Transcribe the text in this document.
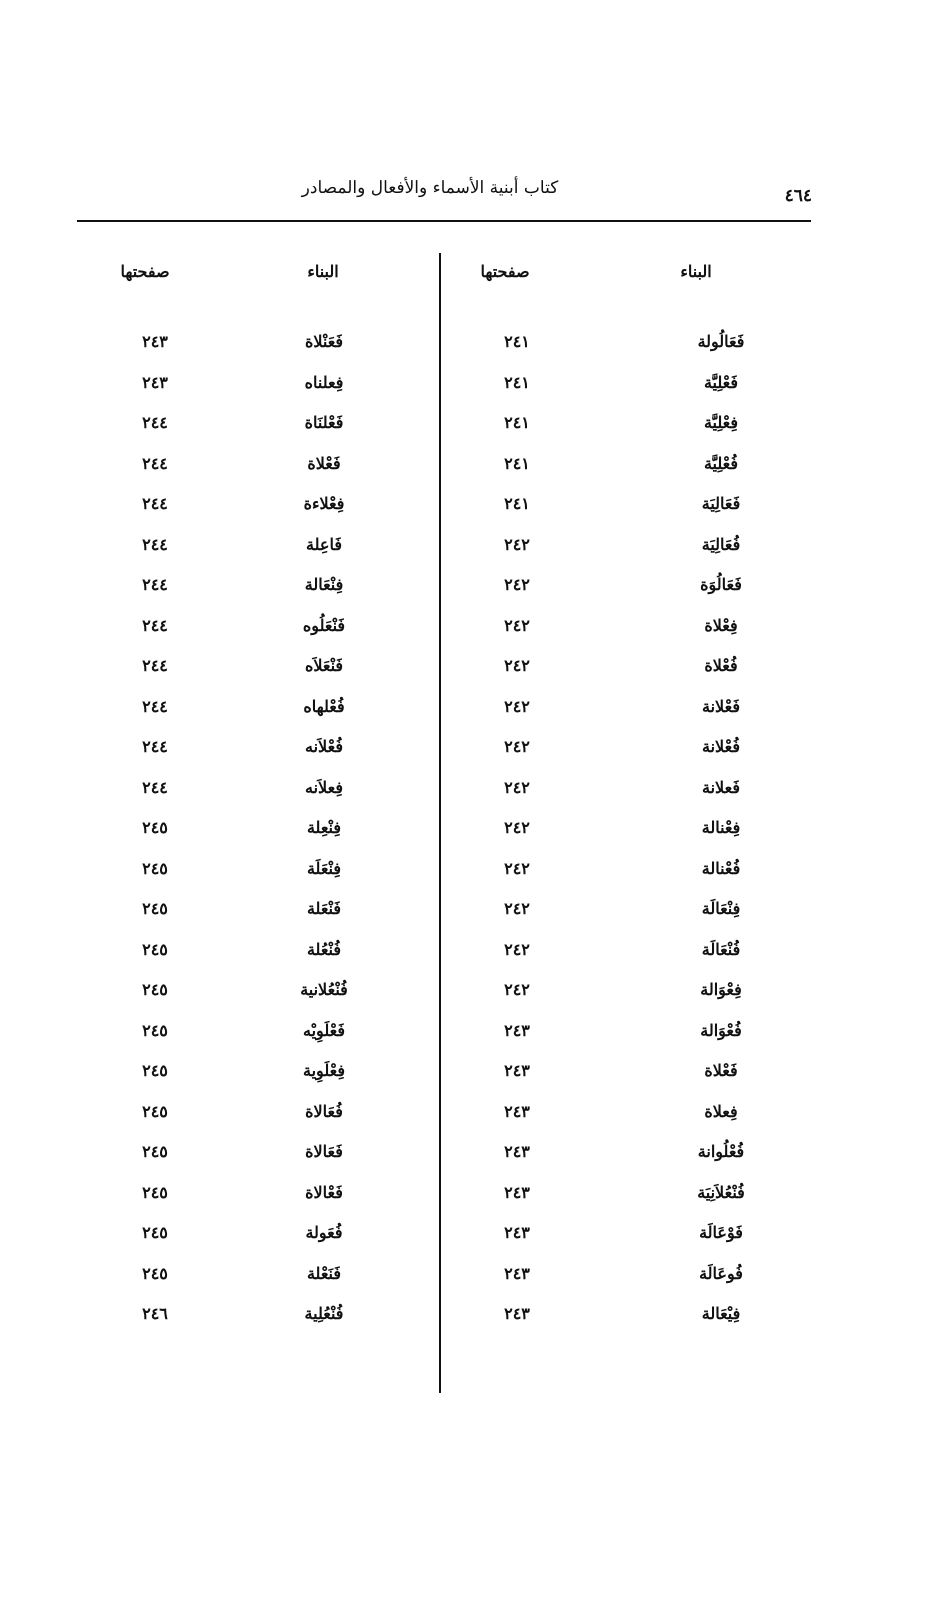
٤٦٤
كتاب أبنية الأسماء والأفعال والمصادر
البناء
صفحتها
البناء
صفحتها
فَعَالُولة
٢٤١
فَعَنْلاة
٢٤٣
فَعْلِيَّة
٢٤١
فِعلناه
٢٤٣
فِعْلِيَّة
٢٤١
فَعْلنَاة
٢٤٤
فُعْلِيَّة
٢٤١
فَعْلاة
٢٤٤
فَعَالِيَة
٢٤١
فِعْلاءة
٢٤٤
فُعَالِيَة
٢٤٢
فَاعِلة
٢٤٤
فَعَالُوَة
٢٤٢
فِنْعَالة
٢٤٤
فِعْلاة
٢٤٢
فَنْعَلُوه
٢٤٤
فُعْلاة
٢٤٢
فَنْعَلاَه
٢٤٤
فَعْلانة
٢٤٢
فُعْلهاه
٢٤٤
فُعْلانة
٢٤٢
فُعْلاَنه
٢٤٤
فَعلانة
٢٤٢
فِعلاَنه
٢٤٤
فِعْنالة
٢٤٢
فِنْعِلة
٢٤٥
فُعْنالة
٢٤٢
فِنْعَلَة
٢٤٥
فِنْعَالَة
٢٤٢
فَنْعَلة
٢٤٥
فُنْعَالَة
٢٤٢
فُنْعُلة
٢٤٥
فِعْوَالة
٢٤٢
فُنْعُلانية
٢٤٥
فُعْوَالة
٢٤٣
فَعْلَوِيْه
٢٤٥
فَعْلاة
٢٤٣
فِعْلَوِية
٢٤٥
فِعلاة
٢٤٣
فُعَالاة
٢٤٥
فُعْلُوانة
٢٤٣
فَعَالاة
٢٤٥
فُنْعُلاَنِيَة
٢٤٣
فَعْالاة
٢٤٥
فَوْعَالَة
٢٤٣
فُعَولة
٢٤٥
فُوعَالَة
٢٤٣
فَنَعْلة
٢٤٥
فِيْعَالة
٢٤٣
فُنْعُلِية
٢٤٦
